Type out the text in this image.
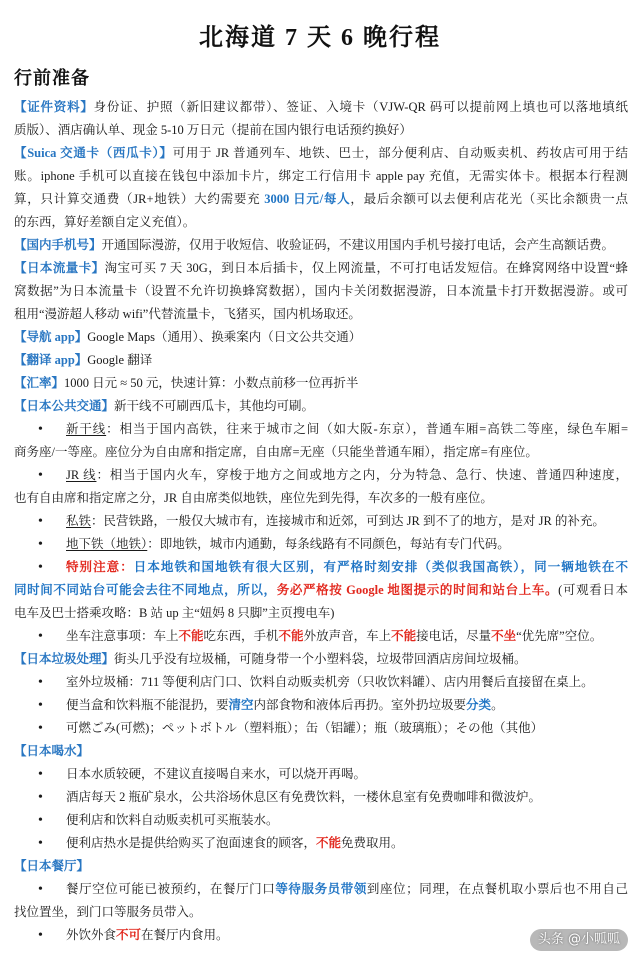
北海道 7 天 6 晚行程
行前准备
【证件资料】身份证、护照（新旧建议都带）、签证、入境卡（VJW-QR 码可以提前网上填也可以落地填纸
质版）、酒店确认单、现金 5-10 万日元（提前在国内银行电话预约换好）
【Suica 交通卡（西瓜卡）】可用于 JR 普通列车、地铁、巴士，部分便利店、自动贩卖机、药妆店可用于结
账。iphone 手机可以直接在钱包中添加卡片，绑定工行信用卡 apple pay 充值，无需实体卡。根据本行程测
算，只计算交通费（JR+地铁）大约需要充 3000 日元/每人，最后余额可以去便利店花光（买比余额贵一点
的东西，算好差额自定义充值）。
【国内手机号】开通国际漫游，仅用于收短信、收验证码，不建议用国内手机号接打电话，会产生高额话费。
【日本流量卡】淘宝可买 7 天 30G，到日本后插卡，仅上网流量，不可打电话发短信。在蜂窝网络中设置“蜂
窝数据”为日本流量卡（设置不允许切换蜂窝数据），国内卡关闭数据漫游，日本流量卡打开数据漫游。或可
租用“漫游超人移动 wifi”代替流量卡，飞猪买，国内机场取还。
【导航 app】Google Maps（通用）、换乘案内（日文公共交通）
【翻译 app】Google 翻译
【汇率】1000 日元 ≈ 50 元，快速计算：小数点前移一位再折半
【日本公共交通】新干线不可刷西瓜卡，其他均可刷。
•
新干线：相当于国内高铁，往来于城市之间（如大阪-东京），普通车厢=高铁二等座，绿色车厢=
商务座/一等座。座位分为自由席和指定席，自由席=无座（只能坐普通车厢），指定席=有座位。
•
JR 线：相当于国内火车，穿梭于地方之间或地方之内，分为特急、急行、快速、普通四种速度，
也有自由席和指定席之分，JR 自由席类似地铁，座位先到先得，车次多的一般有座位。
•
私铁：民营铁路，一般仅大城市有，连接城市和近郊，可到达 JR 到不了的地方，是对 JR 的补充。
•
地下铁（地铁）：即地铁，城市内通勤，每条线路有不同颜色，每站有专门代码。
•
特别注意：日本地铁和国地铁有很大区别，有严格时刻安排（类似我国高铁），同一辆地铁在不
同时间不同站台可能会去往不同地点，所以，务必严格按 Google 地图提示的时间和站台上车。(可观看日本
电车及巴士搭乘攻略：B 站 up 主“妞妈 8 只脚”主页搜电车)
•
坐车注意事项：车上不能吃东西，手机不能外放声音，车上不能接电话，尽量不坐“优先席”空位。
【日本垃圾处理】街头几乎没有垃圾桶，可随身带一个小塑料袋，垃圾带回酒店房间垃圾桶。
•
室外垃圾桶：711 等便利店门口、饮料自动贩卖机旁（只收饮料罐）、店内用餐后直接留在桌上。
•
便当盒和饮料瓶不能混扔，要清空内部食物和液体后再扔。室外扔垃圾要分类。
•
可燃ごみ(可燃)；ペットボトル（塑料瓶）；缶（铝罐）；瓶（玻璃瓶）；その他（其他）
【日本喝水】
•
日本水质较硬，不建议直接喝自来水，可以烧开再喝。
•
酒店每天 2 瓶矿泉水，公共浴场休息区有免费饮料，一楼休息室有免费咖啡和微波炉。
•
便利店和饮料自动贩卖机可买瓶装水。
•
便利店热水是提供给购买了泡面速食的顾客，不能免费取用。
【日本餐厅】
•
餐厅空位可能已被预约，在餐厅门口等待服务员带领到座位；同理，在点餐机取小票后也不用自己
找位置坐，到门口等服务员带入。
•
外饮外食不可在餐厅内食用。	头条 @小呱呱
